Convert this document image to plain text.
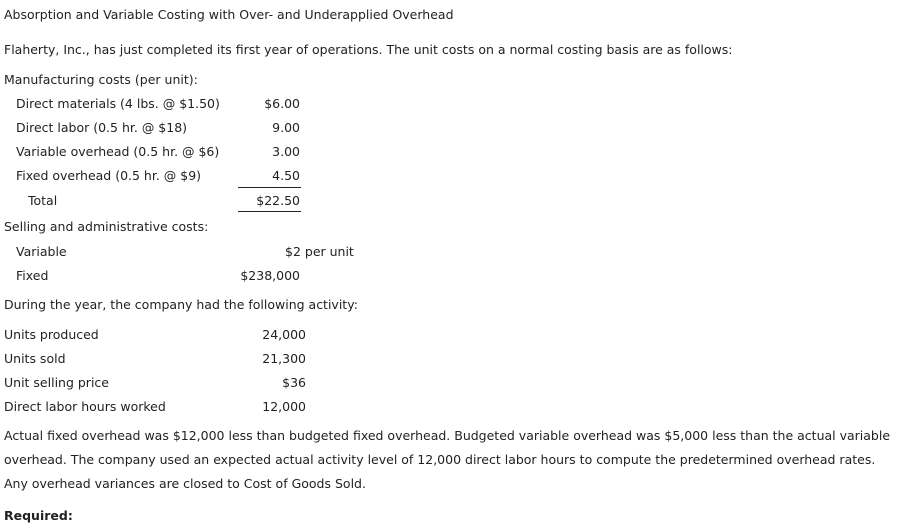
Absorption and Variable Costing with Over- and Underapplied Overhead
Flaherty, Inc., has just completed its first year of operations. The unit costs on a normal costing basis are as follows:
Manufacturing costs (per unit):
Direct materials (4 lbs. @ $1.50)	$6.00
Direct labor (0.5 hr. @ $18)	9.00
Variable overhead (0.5 hr. @ $6)	3.00
Fixed overhead (0.5 hr. @ $9)	4.50
Total	$22.50
Selling and administrative costs:
Variable	$2 per unit
Fixed	$238,000
During the year, the company had the following activity:
Units produced	24,000
Units sold	21,300
Unit selling price	$36
Direct labor hours worked	12,000
Actual fixed overhead was $12,000 less than budgeted fixed overhead. Budgeted variable overhead was $5,000 less than the actual variable overhead. The company used an expected actual activity level of 12,000 direct labor hours to compute the predetermined overhead rates. Any overhead variances are closed to Cost of Goods Sold.
Required:
